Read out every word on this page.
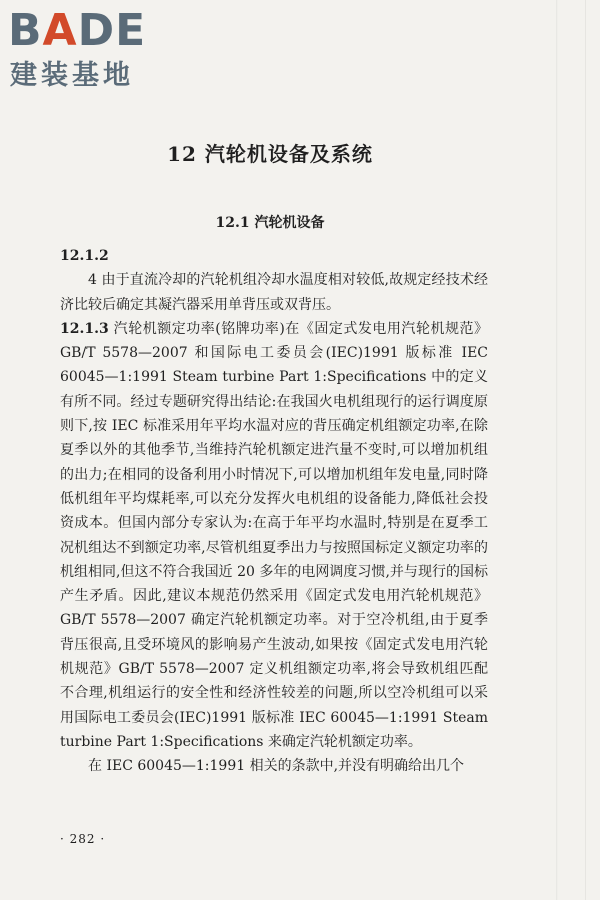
BADE
建装基地
12 汽轮机设备及系统
12.1 汽轮机设备

12.1.2

4 由于直流冷却的汽轮机组冷却水温度相对较低,故规定经技术经济比较后确定其凝汽器采用单背压或双背压。

12.1.3 汽轮机额定功率(铭牌功率)在《固定式发电用汽轮机规范》GB/T 5578—2007 和国际电工委员会(IEC)1991 版标准 IEC 60045—1:1991 Steam turbine Part 1:Specifications 中的定义有所不同。经过专题研究得出结论:在我国火电机组现行的运行调度原则下,按 IEC 标准采用年平均水温对应的背压确定机组额定功率,在除夏季以外的其他季节,当维持汽轮机额定进汽量不变时,可以增加机组的出力;在相同的设备利用小时情况下,可以增加机组年发电量,同时降低机组年平均煤耗率,可以充分发挥火电机组的设备能力,降低社会投资成本。但国内部分专家认为:在高于年平均水温时,特别是在夏季工况机组达不到额定功率,尽管机组夏季出力与按照国标定义额定功率的机组相同,但这不符合我国近 20 多年的电网调度习惯,并与现行的国标产生矛盾。因此,建议本规范仍然采用《固定式发电用汽轮机规范》GB/T 5578—2007 确定汽轮机额定功率。对于空冷机组,由于夏季背压很高,且受环境风的影响易产生波动,如果按《固定式发电用汽轮机规范》GB/T 5578—2007 定义机组额定功率,将会导致机组匹配不合理,机组运行的安全性和经济性较差的问题,所以空冷机组可以采用国际电工委员会(IEC)1991 版标准 IEC 60045—1:1991 Steam turbine Part 1:Specifications 来确定汽轮机额定功率。

在 IEC 60045—1:1991 相关的条款中,并没有明确给出几个

· 282 ·
